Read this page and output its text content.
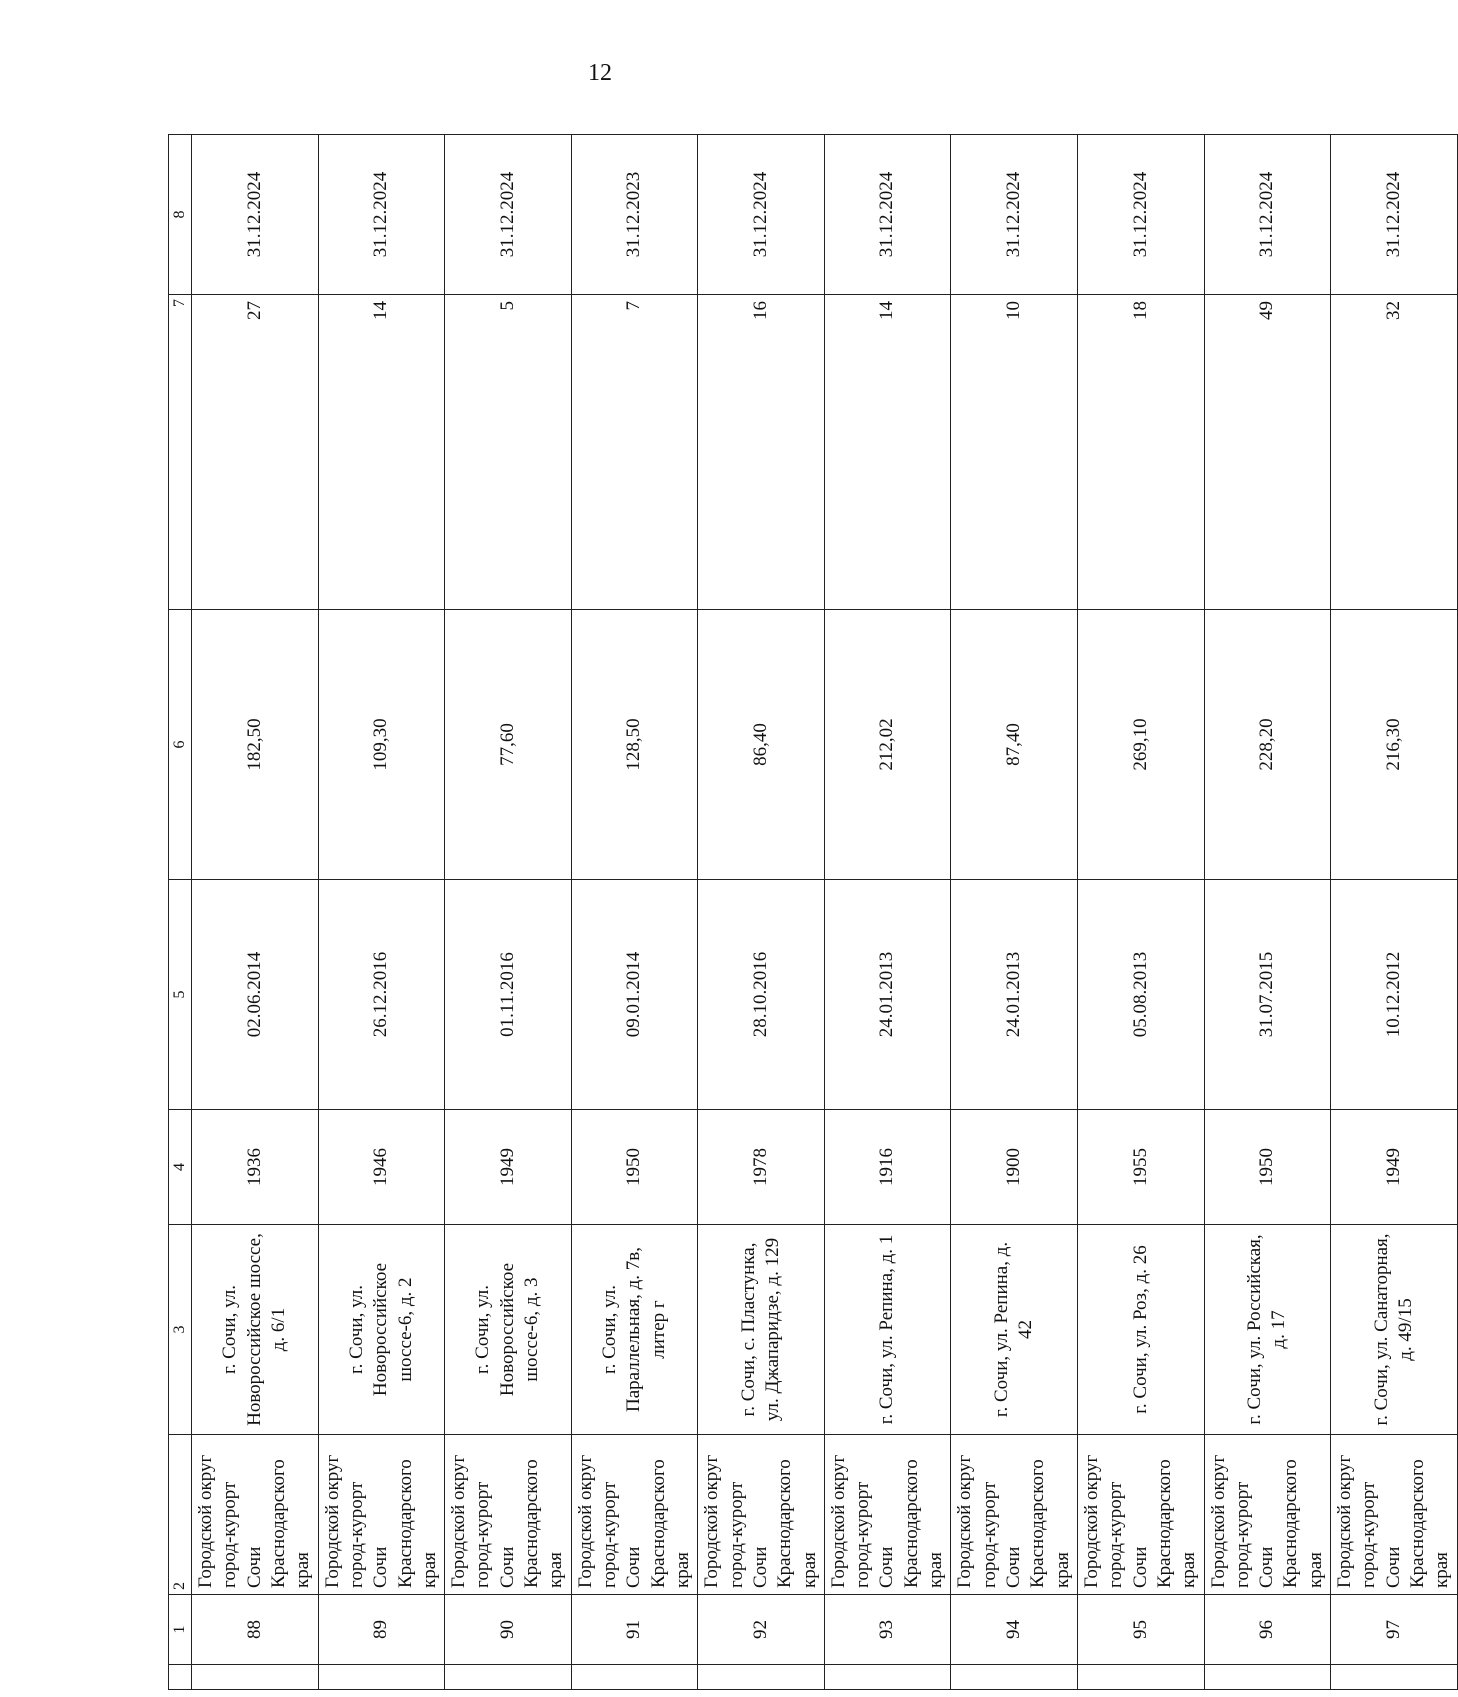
12
	1	2	3	4	5	6	7	8
	88	Городской округ город-курорт Сочи Краснодарского края	г. Сочи, ул. Новороссийское шоссе, д. 6/1	1936	02.06.2014	182,50	27	31.12.2024
	89	Городской округ город-курорт Сочи Краснодарского края	г. Сочи, ул. Новороссийское шоссе-6, д. 2	1946	26.12.2016	109,30	14	31.12.2024
	90	Городской округ город-курорт Сочи Краснодарского края	г. Сочи, ул. Новороссийское шоссе-6, д. 3	1949	01.11.2016	77,60	5	31.12.2024
	91	Городской округ город-курорт Сочи Краснодарского края	г. Сочи, ул. Параллельная, д. 7в, литер г	1950	09.01.2014	128,50	7	31.12.2023
	92	Городской округ город-курорт Сочи Краснодарского края	г. Сочи, с. Пластунка, ул. Джапаридзе, д. 129	1978	28.10.2016	86,40	16	31.12.2024
	93	Городской округ город-курорт Сочи Краснодарского края	г. Сочи, ул. Репина, д. 1	1916	24.01.2013	212,02	14	31.12.2024
	94	Городской округ город-курорт Сочи Краснодарского края	г. Сочи, ул. Репина, д. 42	1900	24.01.2013	87,40	10	31.12.2024
	95	Городской округ город-курорт Сочи Краснодарского края	г. Сочи, ул. Роз, д. 26	1955	05.08.2013	269,10	18	31.12.2024
	96	Городской округ город-курорт Сочи Краснодарского края	г. Сочи, ул. Российская, д. 17	1950	31.07.2015	228,20	49	31.12.2024
	97	Городской округ город-курорт Сочи Краснодарского края	г. Сочи, ул. Санаторная, д. 49/15	1949	10.12.2012	216,30	32	31.12.2024
